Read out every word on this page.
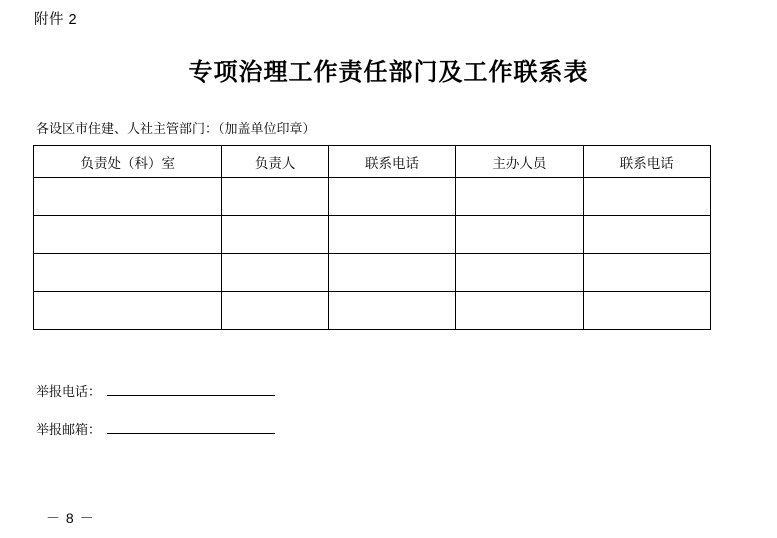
附件 2
专项治理工作责任部门及工作联系表
各设区市住建、人社主管部门：（加盖单位印章）
负责处（科）室	负责人	联系电话	主办人员	联系电话

举报电话：
举报邮箱：
－ 8 －
